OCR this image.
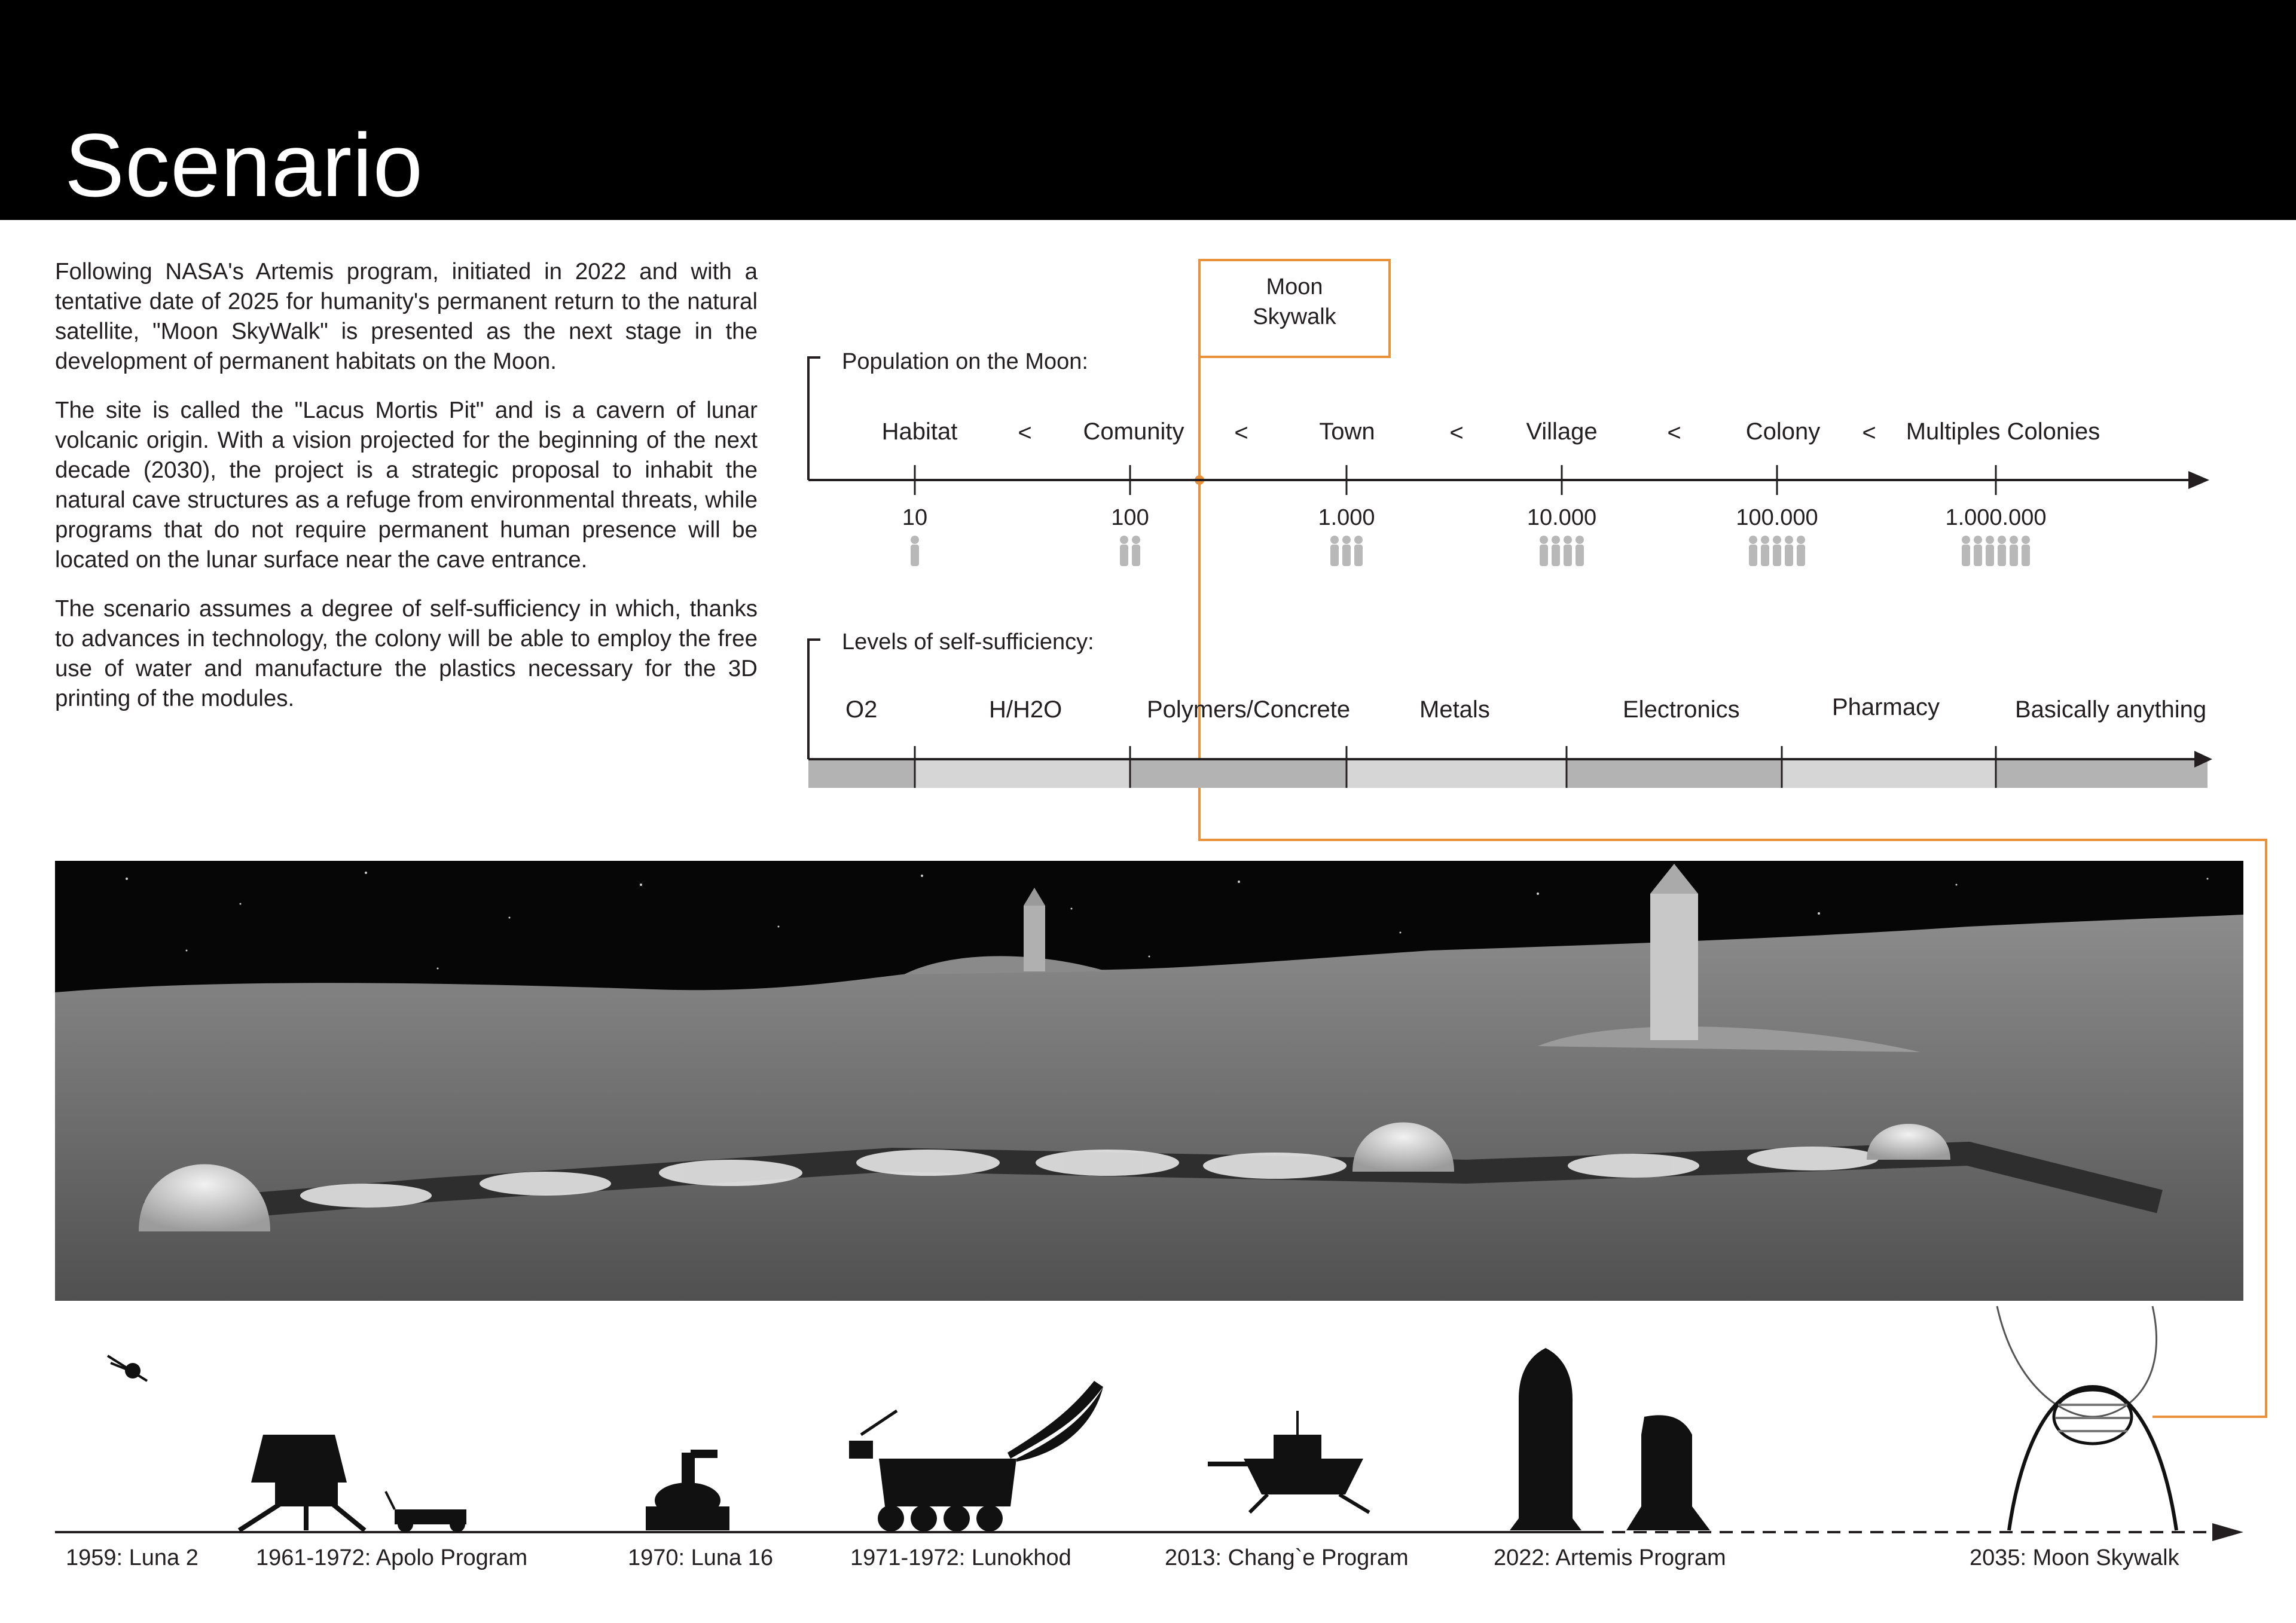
Scenario

Following NASA's Artemis program, initiated in 2022 and with a tentative date of 2025 for humanity's permanent return to the natural satellite, "Moon SkyWalk" is presented as the next stage in the development of permanent habitats on the Moon.

The site is called the "Lacus Mortis Pit" and is a cavern of lunar volcanic origin. With a vision projected for the beginning of the next decade (2030), the project is a strategic proposal to inhabit the natural cave structures as a refuge from environmental threats, while programs that do not require permanent human presence will be located on the lunar surface near the cave entrance.

The scenario assumes a degree of self-sufficiency in which, thanks to advances in technology, the colony will be able to employ the free use of water and manufacture the plastics necessary for the 3D printing of the modules.

Moon
Skywalk
Population on the Moon:
Habitat
10
Comunity
100
Town
1.000
Village
10.000
Colony
100.000
Multiples Colonies
1.000.000
<	<	<	<	<
Levels of self-sufficiency:
O2	H/H2O	Polymers/Concrete	Metals	Electronics	Pharmacy	Basically anything
1959: Luna 2	1961-1972: Apolo Program	1970: Luna 16	1971-1972: Lunokhod	2013: Chang`e Program	2022: Artemis Program	2035: Moon Skywalk
